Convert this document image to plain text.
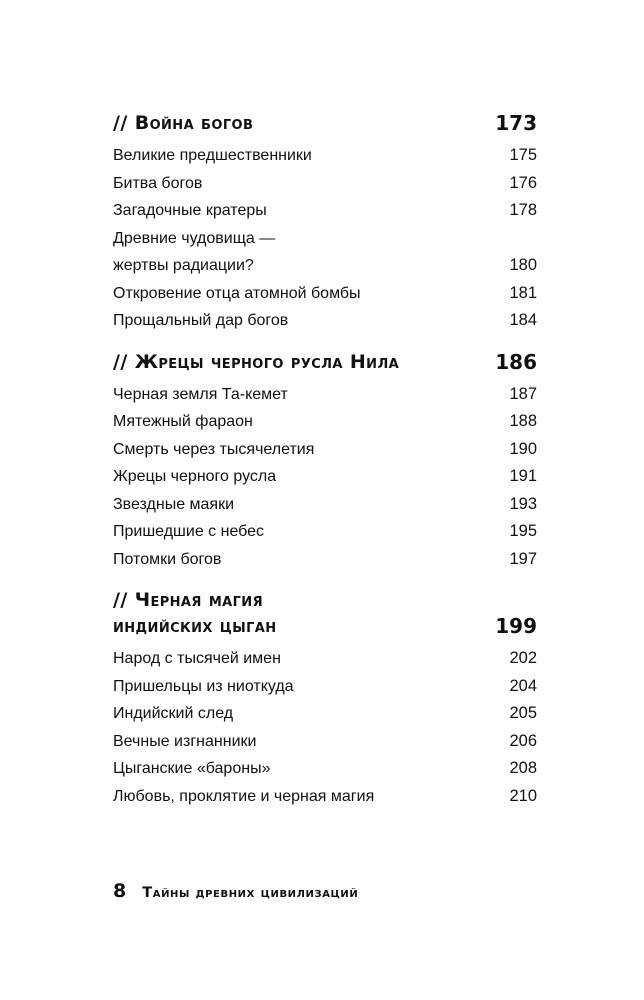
// Война богов	173
Великие предшественники	175
Битва богов	176
Загадочные кратеры	178
Древние чудовища —
жертвы радиации?	180
Откровение отца атомной бомбы	181
Прощальный дар богов	184
// Жрецы черного русла Нила	186
Черная земля Та-кемет	187
Мятежный фараон	188
Смерть через тысячелетия	190
Жрецы черного русла	191
Звездные маяки	193
Пришедшие с небес	195
Потомки богов	197
// Черная магия
индийских цыган	199
Народ с тысячей имен	202
Пришельцы из ниоткуда	204
Индийский след	205
Вечные изгнанники	206
Цыганские «бароны»	208
Любовь, проклятие и черная магия	210
8 Тайны древних цивилизаций
